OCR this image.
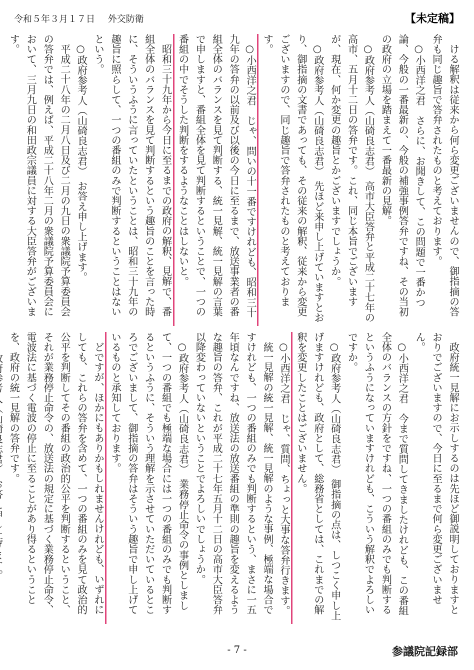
令和５年３月１７日 外交防衛	【未定稿】
ける解釈は従来から何ら変更ございませんので、御指摘の答弁も同じ趣旨で答弁されたものと考えております。
○小西洋之君　さらに、お聞きして、この問題で一番かつ論、今般の一番最新の、今般の補強事例答弁ですね、その当初の政府の立場を踏まえて一番最新の見解。
○政府参考人（山碕良志君）　高市大臣答弁と平成二十七年の高市、五月十二日の答弁です。これ、同じ本旨でございますが、現在、何か変更の趣旨とかございますでしょうか。
○政府参考人（山碕良志君）　先ほど来申し上げていますとおり、御指摘の文書であっても、その従来の解釈、従来から変更ございますので、同じ趣旨で答弁されたものと考えております。
○小西洋之君　じゃ、問いの十一番ですけれども、昭和三十九年の答弁の以前及び以後の今日に至るまで、放送事業者の番組全体のバランスを見て判断する、統一見解、統一見解の言葉で申しますと、番組全体を見て判断するということで、一つの番組の中でそうした判断をするようなことはしないと。
昭和三十九年から今日に至るまでの政府の解釈、見解で、番組全体のバランスを見て判断するという趣旨のことを言った時に、そういうふうに言っていたということは、昭和三十九年の趣旨に照らして、一つの番組のみで判断するということはないという。
○政府参考人（山碕良志君）　お答え申し上げます。
平成二十八年の二月八日及び二月の九日の衆議院予算委員会の答弁では、例えば、平成二十八年二月の衆議院予算委員会において、三月九日の和田政宗議員に対する大臣答弁がございます。
政府統一見解にお示しするのは先ほど御説明しておりますとおりでございますので、今日に至るまで何ら変更ございません。
○小西洋之君　今まで質問してきましたけれども、この番組全体のバランスの方針をですね、一つの番組のみでも判断するというふうになっていますけれども、こういう解釈でよろしいですか。
○政府参考人（山碕良志君）　御指摘の点は、しつこく申し上げますけれども、政府として、総務省としては、これまでの解釈を変更したことはございません。
○小西洋之君　じゃ、質問、ちょっと大事な答弁行きます。
統一見解の統一見解、統一見解のような事例、極端な場合ですけれども、一つの番組のみでも判断するという、まさに一五年頃なんですね、放送法の放送番組の準則の趣旨を変えるような趣旨の答弁、これが平成二十七年五月十二日の高市大臣答弁以降変わっていないということでよろしいでしょうか。
○政府参考人（山碕良志君）　業務停止命令の事例としまして、一つの番組でも極端な場合には一つの番組のみでも判断するというふうに、そういう理解を示させていただいているところでございまして、御指摘の答弁はそういう趣旨で申し上げているものと承知しております。
どですが、ほかにもありかもしれませんけれども、いずれにしても、これらの答弁を含めて、一つの番組のみを見て政治的公平を判断してその番組の政治的公平を判断するということ、それが業務停止命令の、放送法の規定に基づく業務停止命令、電波法に基づく電波の停止に至ることがあり得るということを、政府の統一見解の答弁です。
- 7 -	参議院記録部
